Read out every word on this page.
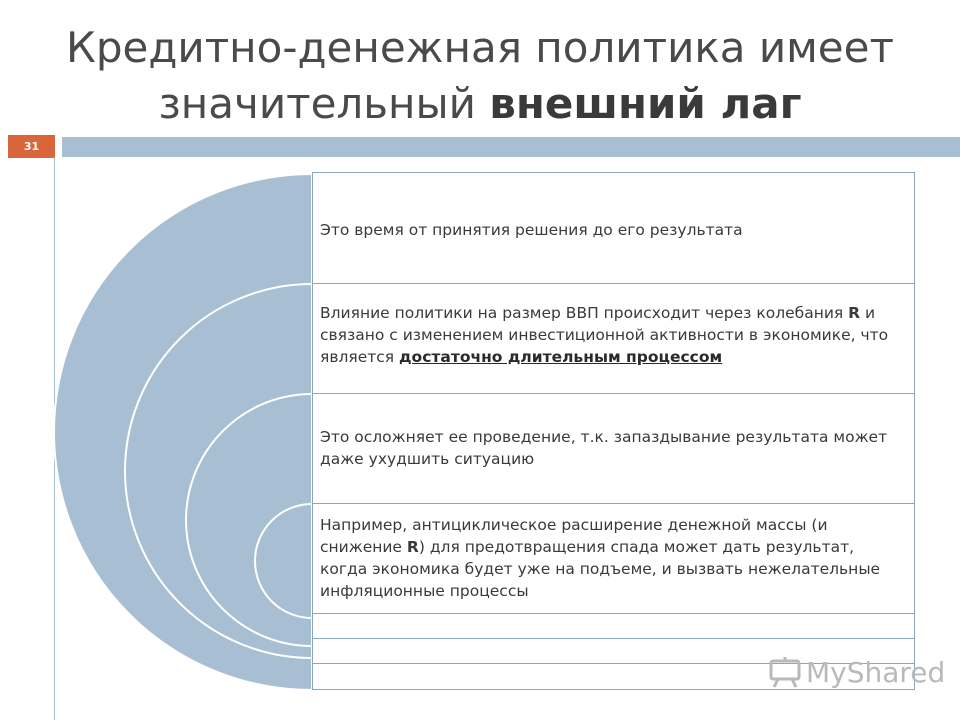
Кредитно-денежная политика имеет
значительный внешний лаг
31
Это время от принятия решения до его результата
Влияние политики на размер ВВП происходит через колебания R и связано с изменением инвестиционной активности в экономике, что является достаточно длительным процессом
Это осложняет ее проведение, т.к. запаздывание результата может даже ухудшить ситуацию
Например, антициклическое расширение денежной массы (и снижение R) для предотвращения спада может дать результат, когда экономика будет уже на подъеме, и вызвать нежелательные инфляционные процессы
MyShared
